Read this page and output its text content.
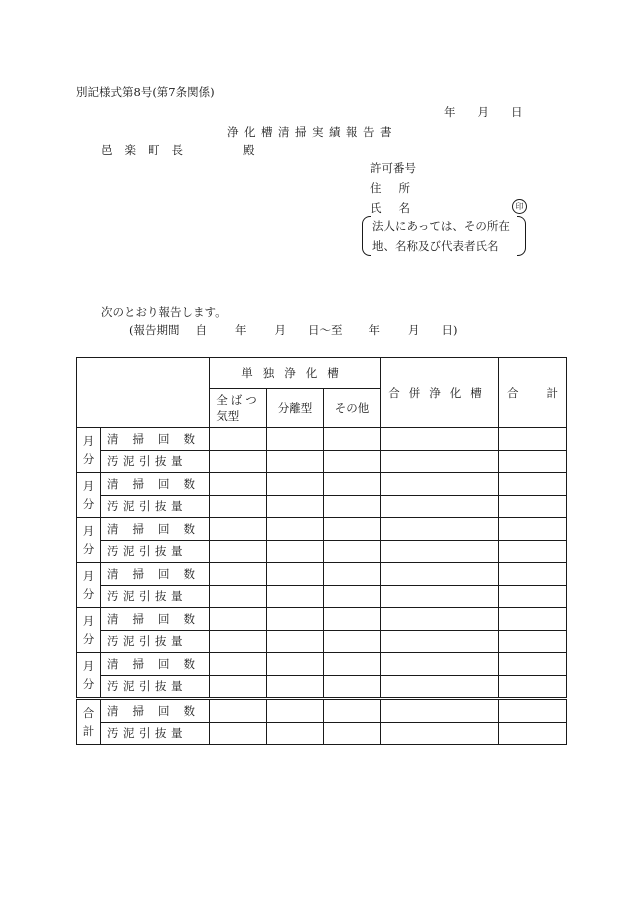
別記様式第8号(第7条関係)
年 月 日
浄化槽清掃実績報告書
邑楽町長	殿
許可番号
住所
氏名	印
法人にあっては、その所在
地、名称及び代表者氏名
次のとおり報告します。
(報告期間 自 年 月 日〜至 年 月 日)
		単独浄化槽			合併浄化槽	合 計

		全ばつ
気型	分離型	その他		
月分	清掃回数					
	汚泥引抜量					
月分	清掃回数					
	汚泥引抜量					
月分	清掃回数					
	汚泥引抜量					
月分	清掃回数					
	汚泥引抜量					
月分	清掃回数					
	汚泥引抜量					
月分	清掃回数					
	汚泥引抜量					
合計	清掃回数					
	汚泥引抜量					
